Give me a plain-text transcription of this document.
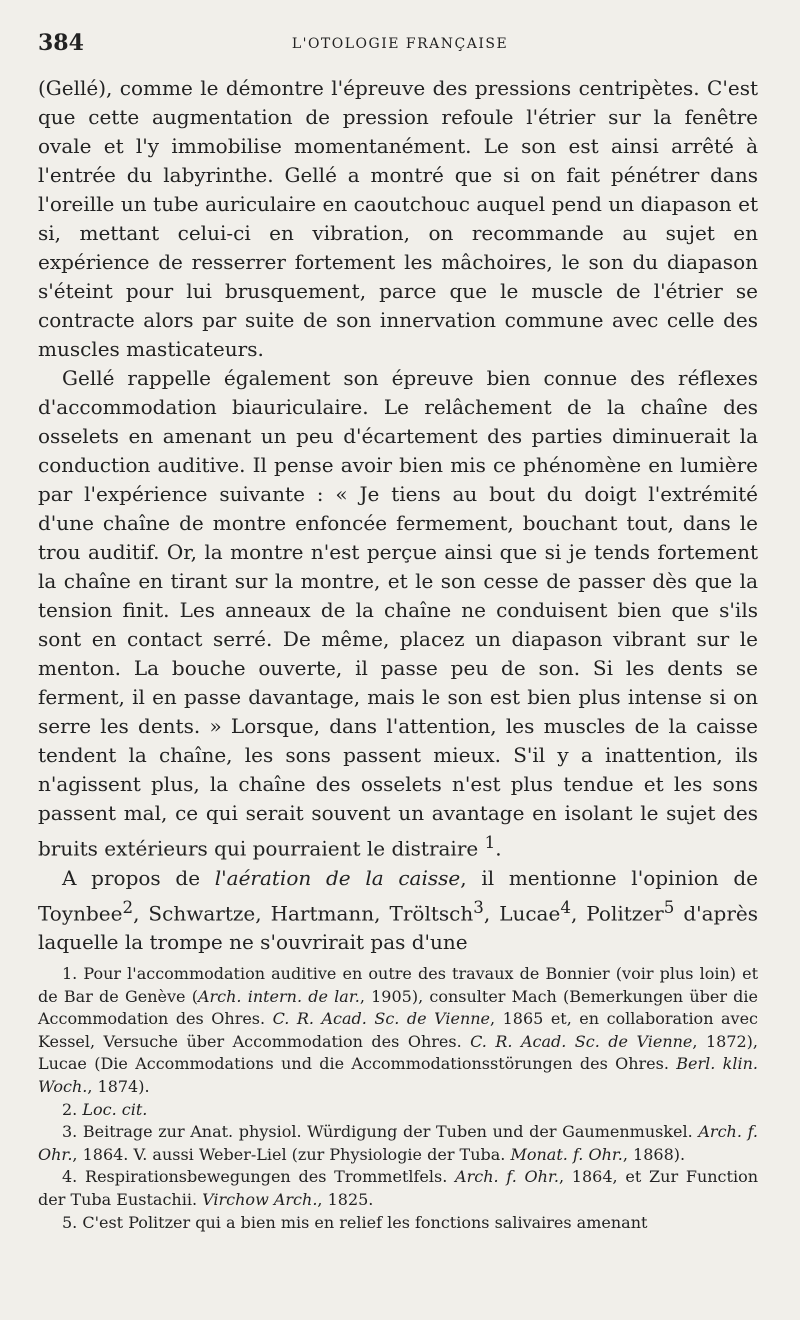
384	L'OTOLOGIE FRANÇAISE

(Gellé), comme le démontre l'épreuve des pressions centripètes. C'est que cette augmentation de pression refoule l'étrier sur la fenêtre ovale et l'y immobilise momentanément. Le son est ainsi arrêté à l'entrée du labyrinthe. Gellé a montré que si on fait pénétrer dans l'oreille un tube auriculaire en caoutchouc auquel pend un diapason et si, mettant celui-ci en vibration, on recommande au sujet en expérience de resserrer fortement les mâchoires, le son du diapason s'éteint pour lui brusquement, parce que le muscle de l'étrier se contracte alors par suite de son innervation commune avec celle des muscles masticateurs.

Gellé rappelle également son épreuve bien connue des réflexes d'accommodation biauriculaire. Le relâchement de la chaîne des osselets en amenant un peu d'écartement des parties diminuerait la conduction auditive. Il pense avoir bien mis ce phénomène en lumière par l'expérience suivante : « Je tiens au bout du doigt l'extrémité d'une chaîne de montre enfoncée fermement, bouchant tout, dans le trou auditif. Or, la montre n'est perçue ainsi que si je tends fortement la chaîne en tirant sur la montre, et le son cesse de passer dès que la tension finit. Les anneaux de la chaîne ne conduisent bien que s'ils sont en contact serré. De même, placez un diapason vibrant sur le menton. La bouche ouverte, il passe peu de son. Si les dents se ferment, il en passe davantage, mais le son est bien plus intense si on serre les dents. » Lorsque, dans l'attention, les muscles de la caisse tendent la chaîne, les sons passent mieux. S'il y a inattention, ils n'agissent plus, la chaîne des osselets n'est plus tendue et les sons passent mal, ce qui serait souvent un avantage en isolant le sujet des bruits extérieurs qui pourraient le distraire $^1$.

A propos de l'aération de la caisse, il mentionne l'opinion de Toynbee$^2$, Schwartze, Hartmann, Tröltsch$^3$, Lucae$^4$, Politzer$^5$ d'après laquelle la trompe ne s'ouvrirait pas d'une

1. Pour l'accommodation auditive en outre des travaux de Bonnier (voir plus loin) et de Bar de Genève (Arch. intern. de lar., 1905), consulter Mach (Bemerkungen über die Accommodation des Ohres. C. R. Acad. Sc. de Vienne, 1865 et, en collaboration avec Kessel, Versuche über Accommodation des Ohres. C. R. Acad. Sc. de Vienne, 1872), Lucae (Die Accommodations und die Accommodationsstörungen des Ohres. Berl. klin. Woch., 1874).

2. Loc. cit.

3. Beitrage zur Anat. physiol. Würdigung der Tuben und der Gaumenmuskel. Arch. f. Ohr., 1864. V. aussi Weber-Liel (zur Physiologie der Tuba. Monat. f. Ohr., 1868).

4. Respirationsbewegungen des Trommetlfels. Arch. f. Ohr., 1864, et Zur Function der Tuba Eustachii. Virchow Arch., 1825.

5. C'est Politzer qui a bien mis en relief les fonctions salivaires amenant
